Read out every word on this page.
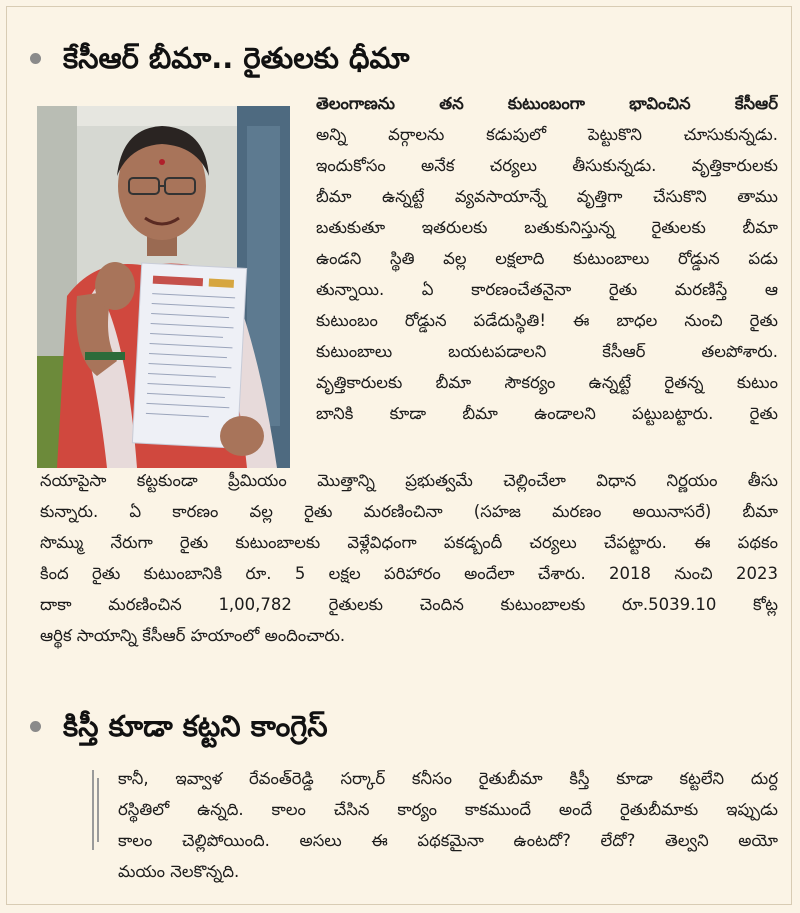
కేసీఆర్ బీమా.. రైతులకు ధీమా
తెలంగాణను తన కుటుంబంగా భావించిన కేసీఆర్
అన్ని వర్గాలను కడుపులో పెట్టుకొని చూసుకున్నడు.
ఇందుకోసం అనేక చర్యలు తీసుకున్నడు. వృత్తికారులకు
బీమా ఉన్నట్టే వ్యవసాయాన్నే వృత్తిగా చేసుకొని తాము
బతుకుతూ ఇతరులకు బతుకునిస్తున్న రైతులకు బీమా
ఉండని స్థితి వల్ల లక్షలాది కుటుంబాలు రోడ్డున పడు
తున్నాయి. ఏ కారణంచేతనైనా రైతు మరణిస్తే ఆ
కుటుంబం రోడ్డున పడేదుస్థితి! ఈ బాధల నుంచి రైతు
కుటుంబాలు బయటపడాలని కేసీఆర్ తలపోశారు.
వృత్తికారులకు బీమా సౌకర్యం ఉన్నట్టే రైతన్న కుటుం
బానికి కూడా బీమా ఉండాలని పట్టుబట్టారు. రైతు
నయాపైసా కట్టకుండా ప్రీమియం మొత్తాన్ని ప్రభుత్వమే చెల్లించేలా విధాన నిర్ణయం తీసు
కున్నారు. ఏ కారణం వల్ల రైతు మరణించినా (సహజ మరణం అయినాసరే) బీమా
సొమ్ము నేరుగా రైతు కుటుంబాలకు వెళ్లేవిధంగా పకడ్బందీ చర్యలు చేపట్టారు. ఈ పథకం
కింద రైతు కుటుంబానికి రూ. 5 లక్షల పరిహారం అందేలా చేశారు. 2018 నుంచి 2023
దాకా మరణించిన 1,00,782 రైతులకు చెందిన కుటుంబాలకు రూ.5039.10 కోట్ల
ఆర్థిక సాయాన్ని కేసీఆర్ హయాంలో అందించారు.
కిస్తీ కూడా కట్టని కాంగ్రెస్
కానీ, ఇవ్వాళ రేవంత్‌రెడ్డి సర్కార్ కనీసం రైతుబీమా కిస్తీ కూడా కట్టలేని దుర్ద
రస్థితిలో ఉన్నది. కాలం చేసిన కార్యం కాకముందే అందే రైతుబీమాకు ఇప్పుడు
కాలం చెల్లిపోయింది. అసలు ఈ పథకమైనా ఉంటదో? లేదో? తెల్వని అయో
మయం నెలకొన్నది.
